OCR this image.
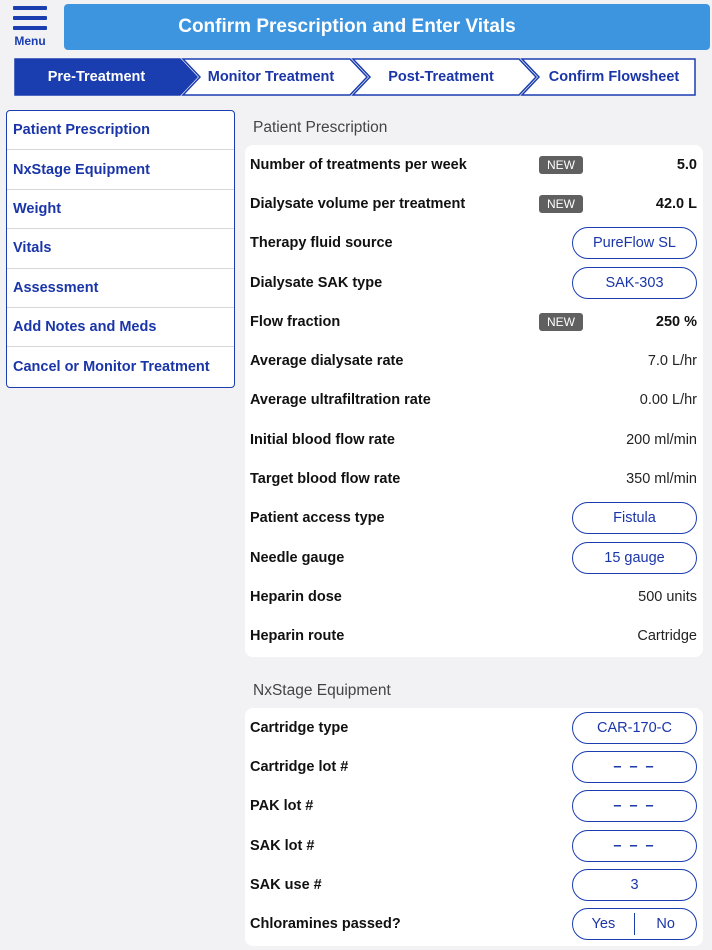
Menu
Confirm Prescription and Enter Vitals
Pre-Treatment	Monitor Treatment	Post-Treatment	Confirm Flowsheet
Patient Prescription
NxStage Equipment
Weight
Vitals
Assessment
Add Notes and Meds
Cancel or Monitor Treatment
Patient Prescription
Number of treatments per week	NEW	5.0
Dialysate volume per treatment	NEW	42.0 L
Therapy fluid source	PureFlow SL
Dialysate SAK type	SAK-303
Flow fraction	NEW	250 %
Average dialysate rate	7.0 L/hr
Average ultrafiltration rate	0.00 L/hr
Initial blood flow rate	200 ml/min
Target blood flow rate	350 ml/min
Patient access type	Fistula
Needle gauge	15 gauge
Heparin dose	500 units
Heparin route	Cartridge
NxStage Equipment
Cartridge type	CAR-170-C
Cartridge lot #	– – –
PAK lot #	– – –
SAK lot #	– – –
SAK use #	3
Chloramines passed?	Yes	No
